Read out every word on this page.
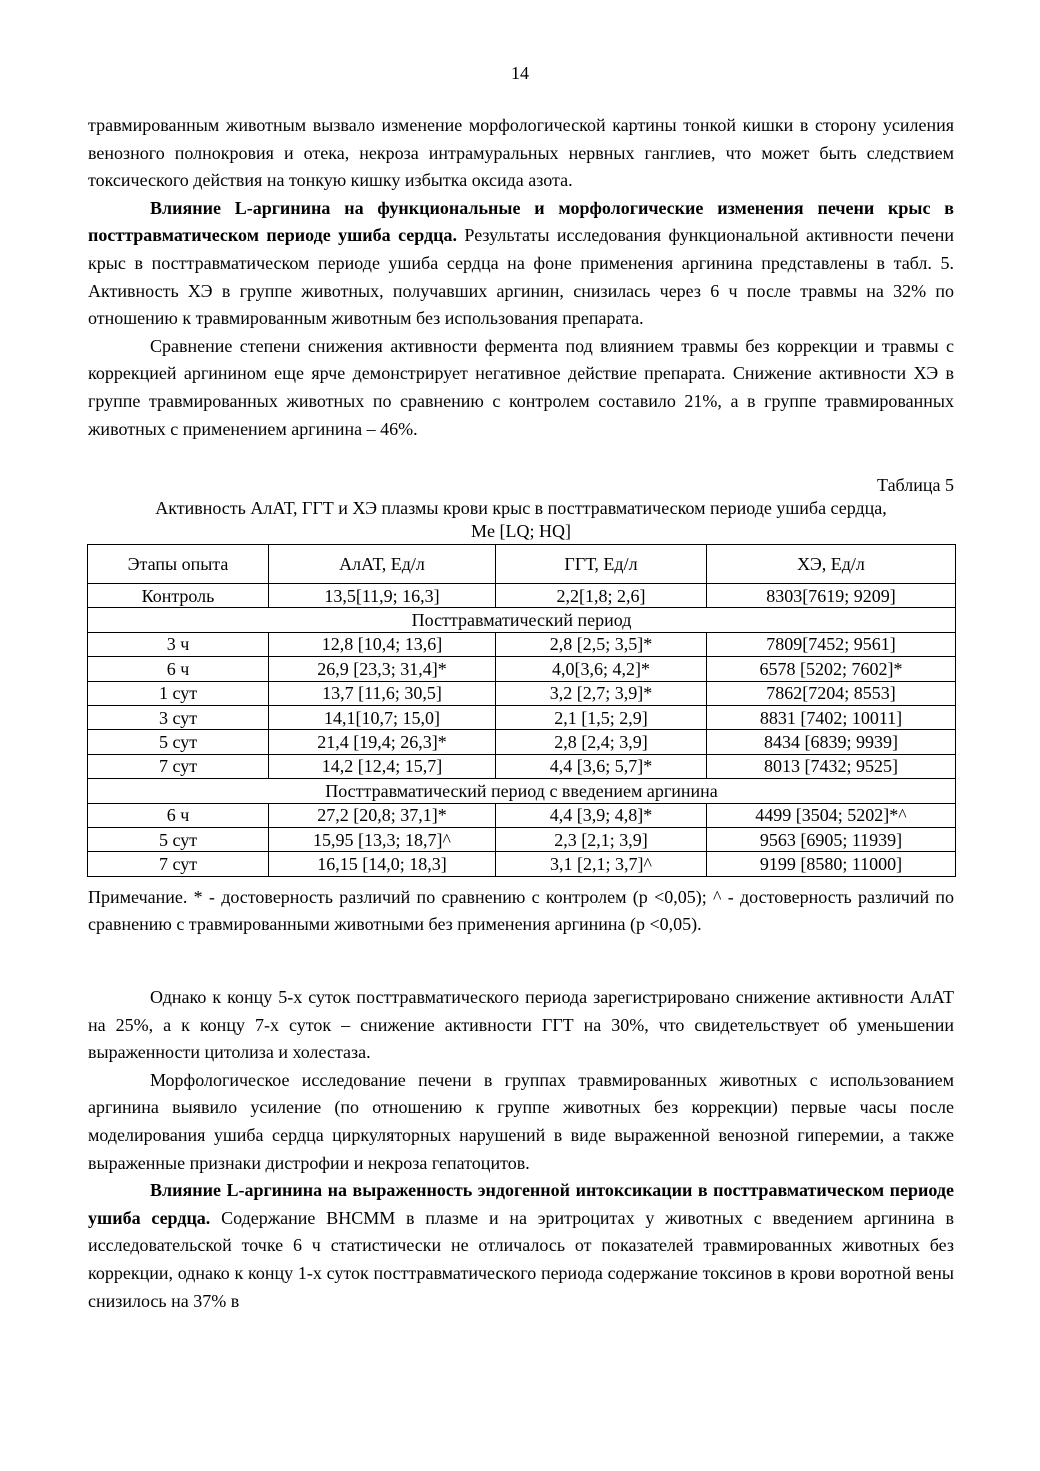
14
травмированным животным вызвало изменение морфологической картины тонкой кишки в сторону усиления венозного полнокровия и отека, некроза интрамуральных нервных ганглиев, что может быть следствием токсического действия на тонкую кишку избытка оксида азота.
Влияние L-аргинина на функциональные и морфологические изменения печени крыс в посттравматическом периоде ушиба сердца. Результаты исследования функциональной активности печени крыс в посттравматическом периоде ушиба сердца на фоне применения аргинина представлены в табл. 5. Активность ХЭ в группе животных, получавших аргинин, снизилась через 6 ч после травмы на 32% по отношению к травмированным животным без использования препарата.
Сравнение степени снижения активности фермента под влиянием травмы без коррекции и травмы с коррекцией аргинином еще ярче демонстрирует негативное действие препарата. Снижение активности ХЭ в группе травмированных животных по сравнению с контролем составило 21%, а в группе травмированных животных с применением аргинина – 46%.
Таблица 5
Активность АлАТ, ГГТ и ХЭ плазмы крови крыс в посттравматическом периоде ушиба сердца,
Me [LQ; HQ]
Этапы опыта	АлАТ, Ед/л	ГГТ, Ед/л	ХЭ, Ед/л
Контроль	13,5[11,9; 16,3]	2,2[1,8; 2,6]	8303[7619; 9209]
Посттравматический период			
3 ч	12,8 [10,4; 13,6]	2,8 [2,5; 3,5]*	7809[7452; 9561]
6 ч	26,9 [23,3; 31,4]*	4,0[3,6; 4,2]*	6578 [5202; 7602]*
1 сут	13,7 [11,6; 30,5]	3,2 [2,7; 3,9]*	7862[7204; 8553]
3 сут	14,1[10,7; 15,0]	2,1 [1,5; 2,9]	8831 [7402; 10011]
5 сут	21,4 [19,4; 26,3]*	2,8 [2,4; 3,9]	8434 [6839; 9939]
7 сут	14,2 [12,4; 15,7]	4,4 [3,6; 5,7]*	8013 [7432; 9525]
Посттравматический период с введением аргинина			
6 ч	27,2 [20,8; 37,1]*	4,4 [3,9; 4,8]*	4499 [3504; 5202]*^
5 сут	15,95 [13,3; 18,7]^	2,3 [2,1; 3,9]	9563 [6905; 11939]
7 сут	16,15 [14,0; 18,3]	3,1 [2,1; 3,7]^	9199 [8580; 11000]
Примечание. * - достоверность различий по сравнению с контролем (р <0,05); ^ - достоверность различий по сравнению с травмированными животными без применения аргинина (р <0,05).
Однако к концу 5-х суток посттравматического периода зарегистрировано снижение активности АлАТ на 25%, а к концу 7-х суток – снижение активности ГГТ на 30%, что свидетельствует об уменьшении выраженности цитолиза и холестаза.
Морфологическое исследование печени в группах травмированных животных с использованием аргинина выявило усиление (по отношению к группе животных без коррекции) первые часы после моделирования ушиба сердца циркуляторных нарушений в виде выраженной венозной гиперемии, а также выраженные признаки дистрофии и некроза гепатоцитов.
Влияние L-аргинина на выраженность эндогенной интоксикации в посттравматическом периоде ушиба сердца. Содержание ВНСММ в плазме и на эритроцитах у животных с введением аргинина в исследовательской точке 6 ч статистически не отличалось от показателей травмированных животных без коррекции, однако к концу 1-х суток посттравматического периода содержание токсинов в крови воротной вены снизилось на 37% в
